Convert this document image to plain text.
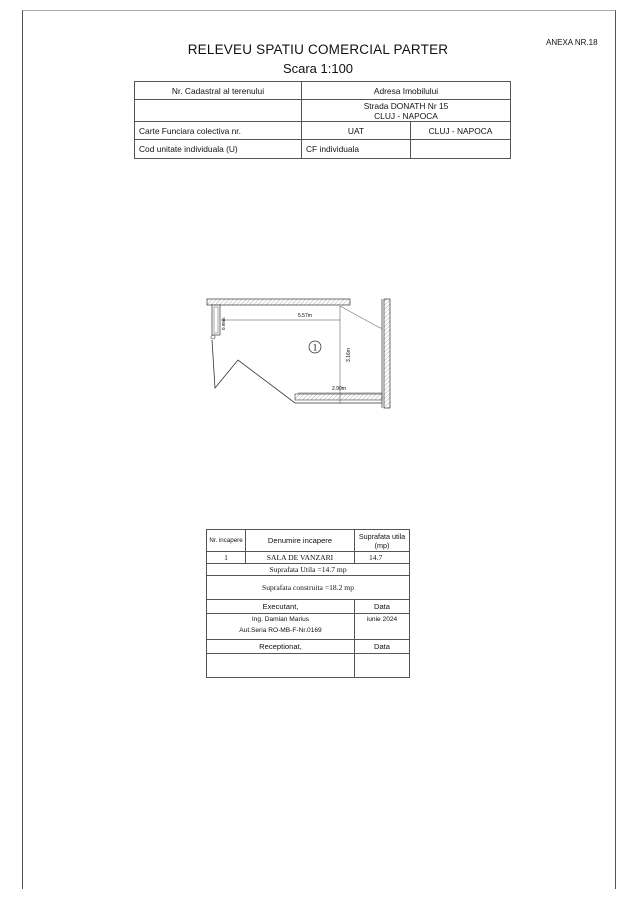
ANEXA NR.18
RELEVEU SPATIU COMERCIAL PARTER
Scara 1:100
Nr. Cadastral al terenului	Adresa Imobilului	

	Strada DONATH Nr 15
CLUJ - NAPOCA	

Carte Funciara colectiva nr.	UAT	CLUJ - NAPOCA
Cod unitate individuala (U)	CF individuala	
5.57m
0.98m
3.16m
2.90m
1
Nr. incapere	Denumire incapere	Suprafata utila (mp)
1	SALA DE VANZARI	14.7
Suprafata Utila =14.7 mp		
Suprafata construita =18.2 mp		
Executant,		Data

Ing. Damian Marius
Aut.Seria RO-MB-F-Nr.0169		iunie 2024
Receptionat,		Data
